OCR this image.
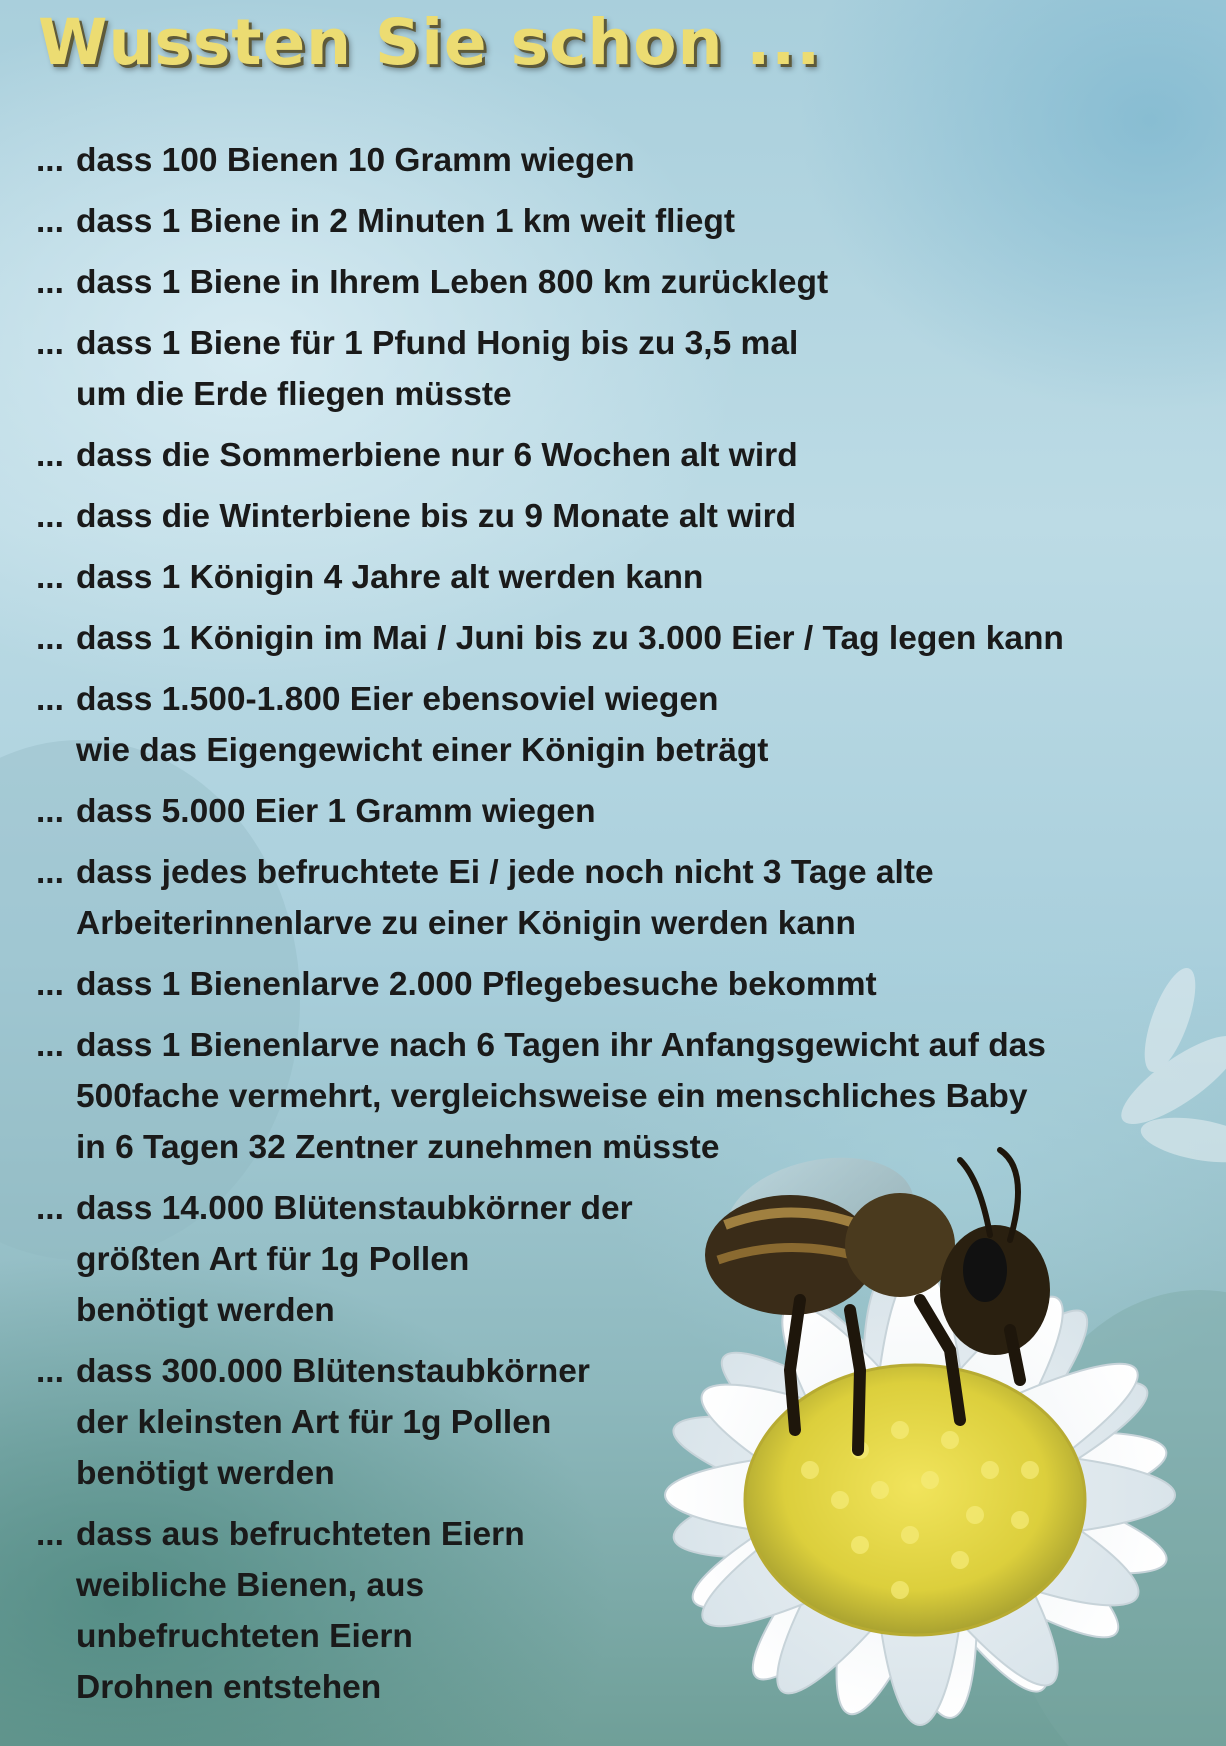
Wussten Sie schon ...
... dass 100 Bienen 10 Gramm wiegen
... dass 1 Biene in 2 Minuten 1 km weit fliegt
... dass 1 Biene in Ihrem Leben 800 km zurücklegt
... dass 1 Biene für 1 Pfund Honig bis zu 3,5 mal
um die Erde fliegen müsste
... dass die Sommerbiene nur 6 Wochen alt wird
... dass die Winterbiene bis zu 9 Monate alt wird
... dass 1 Königin 4 Jahre alt werden kann
... dass 1 Königin im Mai / Juni bis zu 3.000 Eier / Tag legen kann
... dass 1.500-1.800 Eier ebensoviel wiegen
wie das Eigengewicht einer Königin beträgt
... dass 5.000 Eier 1 Gramm wiegen
... dass jedes befruchtete Ei / jede noch nicht 3 Tage alte
Arbeiterinnenlarve zu einer Königin werden kann
... dass 1 Bienenlarve 2.000 Pflegebesuche bekommt
... dass 1 Bienenlarve nach 6 Tagen ihr Anfangsgewicht auf das
500fache vermehrt, vergleichsweise ein menschliches Baby
in 6 Tagen 32 Zentner zunehmen müsste
... dass 14.000 Blütenstaubkörner der
größten Art für 1g Pollen
benötigt werden
... dass 300.000 Blütenstaubkörner
der kleinsten Art für 1g Pollen
benötigt werden
... dass aus befruchteten Eiern
weibliche Bienen, aus
unbefruchteten Eiern
Drohnen entstehen
